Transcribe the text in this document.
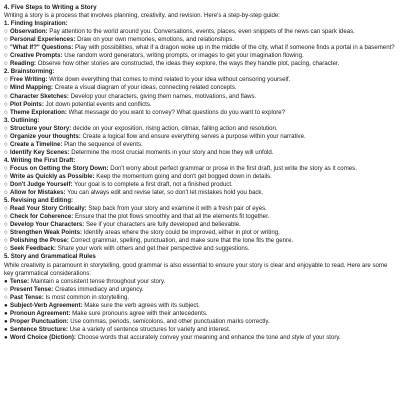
4. Five Steps to Writing a Story
Writing a story is a process that involves planning, creativity, and revision. Here's a step-by-step guide:
1. Finding Inspiration:
○ Observation: Pay attention to the world around you. Conversations, events, places, even snippets of the news can spark ideas.
○ Personal Experiences: Draw on your own memories, emotions, and relationships.
○ "What If?" Questions: Play with possibilities, what if a dragon woke up in the middle of the city, what if someone finds a portal in a basement?
○ Creative Prompts: Use random word generators, writing prompts, or images to get your imagination flowing.
○ Reading: Observe how other stories are constructed, the ideas they explore, the ways they handle plot, pacing, character.
2. Brainstorming:
○ Free Writing: Write down everything that comes to mind related to your idea without censoring yourself.
○ Mind Mapping: Create a visual diagram of your ideas, connecting related concepts.
○ Character Sketches: Develop your characters, giving them names, motivations, and flaws.
○ Plot Points: Jot down potential events and conflicts.
○ Theme Exploration: What message do you want to convey? What questions do you want to explore?
3. Outlining:
○ Structure your Story: decide on your exposition, rising action, climax, falling action and resolution.
○ Organize your thoughts: Create a logical flow and ensure everything serves a purpose within your narrative.
○ Create a Timeline: Plan the sequence of events.
○ Identify Key Scenes: Determine the most crucial moments in your story and how they will unfold.
4. Writing the First Draft:
○ Focus on Getting the Story Down: Don't worry about perfect grammar or prose in the first draft, just write the story as it comes.
○ Write as Quickly as Possible: Keep the momentum going and don't get bogged down in details.
○ Don't Judge Yourself: Your goal is to complete a first draft, not a finished product.
○ Allow for Mistakes: You can always edit and revise later, so don't let mistakes hold you back.
5. Revising and Editing:
○ Read Your Story Critically: Step back from your story and examine it with a fresh pair of eyes.
○ Check for Coherence: Ensure that the plot flows smoothly and that all the elements fit together.
○ Develop Your Characters: See if your characters are fully developed and believable.
○ Strengthen Weak Points: Identify areas where the story could be improved, either in plot or writing.
○ Polishing the Prose: Correct grammar, spelling, punctuation, and make sure that the tone fits the genre.
○ Seek Feedback: Share your work with others and get their perspective and suggestions.
5. Story and Grammatical Rules
While creativity is paramount in storytelling, good grammar is also essential to ensure your story is clear and enjoyable to read. Here are some key grammatical considerations:
● Tense: Maintain a consistent tense throughout your story.
○ Present Tense: Creates immediacy and urgency.
○ Past Tense: Is most common in storytelling.
● Subject-Verb Agreement: Make sure the verb agrees with its subject.
● Pronoun Agreement: Make sure pronouns agree with their antecedents.
● Proper Punctuation: Use commas, periods, semicolons, and other punctuation marks correctly.
● Sentence Structure: Use a variety of sentence structures for variety and interest.
● Word Choice (Diction): Choose words that accurately convey your meaning and enhance the tone and style of your story.
